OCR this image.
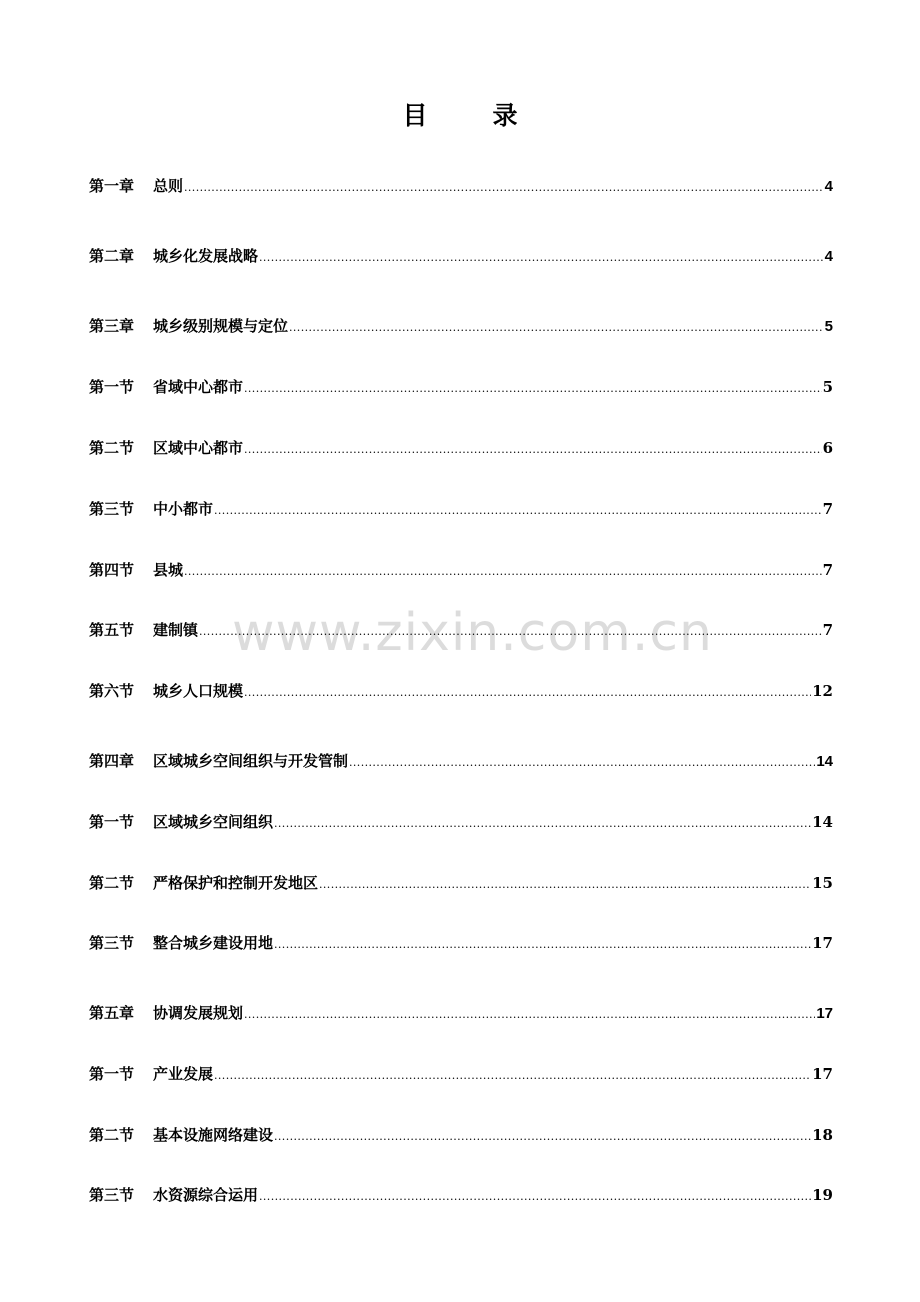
目　录
www.zixin.com.cn
第一章	总则 .....	4
第二章	城乡化发展战略 .....	4
第三章	城乡级别规模与定位 .....	5
第一节	省域中心都市 .....	5
第二节	区域中心都市 .....	6
第三节	中小都市 .....	7
第四节	县城 .....	7
第五节	建制镇 .....	7
第六节	城乡人口规模 .....	12
第四章	区域城乡空间组织与开发管制 .....	14
第一节	区域城乡空间组织 .....	14
第二节	严格保护和控制开发地区 .....	15
第三节	整合城乡建设用地 .....	17
第五章	协调发展规划 .....	17
第一节	产业发展 .....	17
第二节	基本设施网络建设 .....	18
第三节	水资源综合运用 .....	19
